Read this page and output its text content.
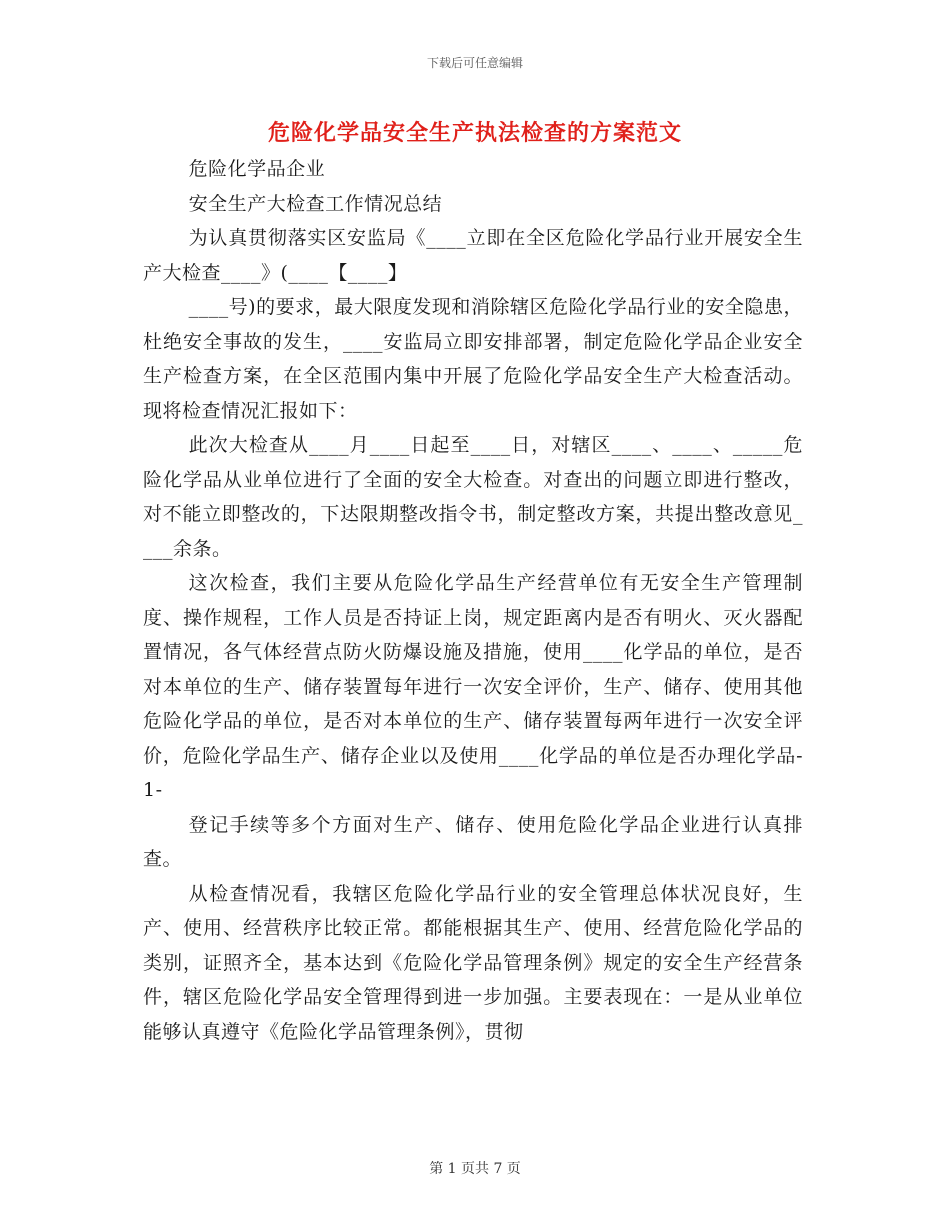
下载后可任意编辑
危险化学品安全生产执法检查的方案范文

危险化学品企业

安全生产大检查工作情况总结

为认真贯彻落实区安监局《____立即在全区危险化学品行业开展安全生产大检查____》(____【____】

____号)的要求，最大限度发现和消除辖区危险化学品行业的安全隐患，杜绝安全事故的发生，____安监局立即安排部署，制定危险化学品企业安全生产检查方案，在全区范围内集中开展了危险化学品安全生产大检查活动。现将检查情况汇报如下：

此次大检查从____月____日起至____日，对辖区____、____、_____危险化学品从业单位进行了全面的安全大检查。对查出的问题立即进行整改，对不能立即整改的，下达限期整改指令书，制定整改方案，共提出整改意见____余条。

这次检查，我们主要从危险化学品生产经营单位有无安全生产管理制度、操作规程，工作人员是否持证上岗，规定距离内是否有明火、灭火器配置情况，各气体经营点防火防爆设施及措施，使用____化学品的单位，是否对本单位的生产、储存装置每年进行一次安全评价，生产、储存、使用其他危险化学品的单位，是否对本单位的生产、储存装置每两年进行一次安全评价，危险化学品生产、储存企业以及使用____化学品的单位是否办理化学品-1-

登记手续等多个方面对生产、储存、使用危险化学品企业进行认真排查。

从检查情况看，我辖区危险化学品行业的安全管理总体状况良好，生产、使用、经营秩序比较正常。都能根据其生产、使用、经营危险化学品的类别，证照齐全，基本达到《危险化学品管理条例》规定的安全生产经营条件，辖区危险化学品安全管理得到进一步加强。主要表现在：一是从业单位能够认真遵守《危险化学品管理条例》，贯彻

第 1 页共 7 页
